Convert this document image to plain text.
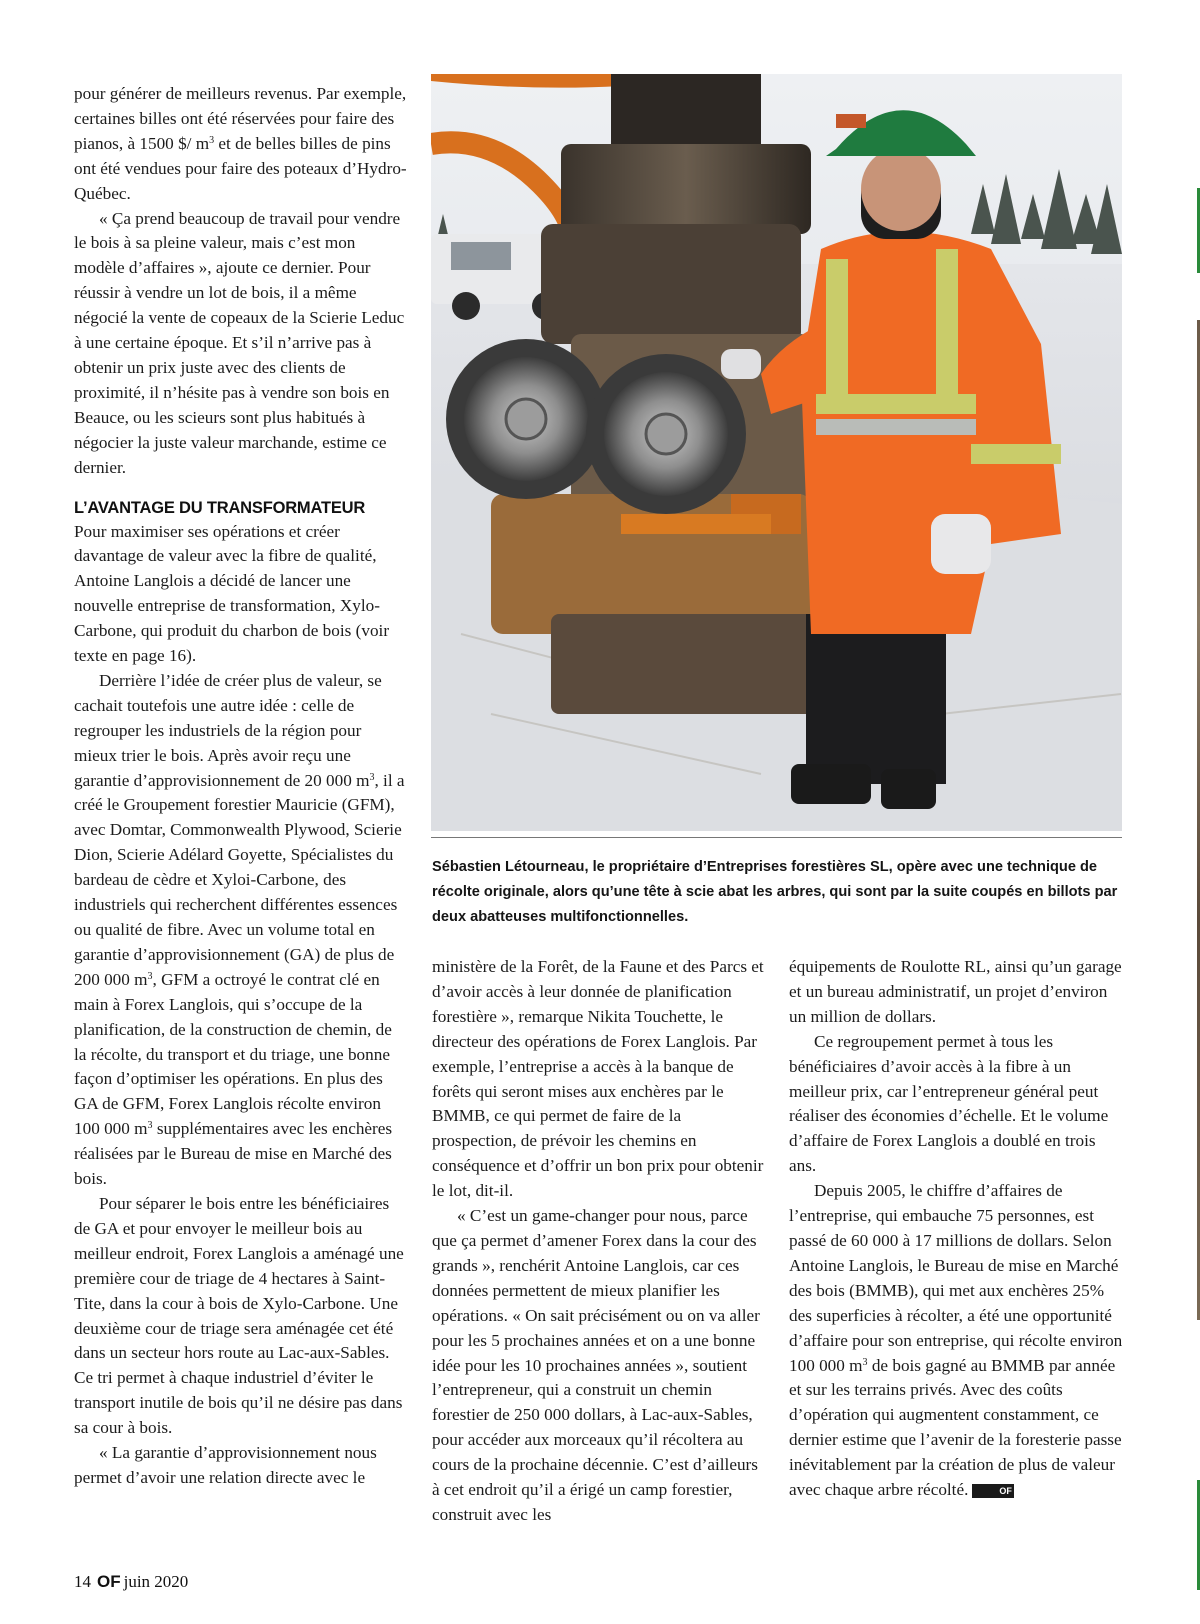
pour générer de meilleurs revenus. Par exemple, certaines billes ont été réservées pour faire des pianos, à 1500 $/ $m^3$ et de belles billes de pins ont été vendues pour faire des poteaux d’Hydro-Québec.

« Ça prend beaucoup de travail pour vendre le bois à sa pleine valeur, mais c’est mon modèle d’affaires », ajoute ce dernier. Pour réussir à vendre un lot de bois, il a même négocié la vente de copeaux de la Scierie Leduc à une certaine époque. Et s’il n’arrive pas à obtenir un prix juste avec des clients de proximité, il n’hésite pas à vendre son bois en Beauce, ou les scieurs sont plus habitués à négocier la juste valeur marchande, estime ce dernier.

L’AVANTAGE DU TRANSFORMATEUR

Pour maximiser ses opérations et créer davantage de valeur avec la fibre de qualité, Antoine Langlois a décidé de lancer une nouvelle entreprise de transformation, Xylo-Carbone, qui produit du charbon de bois (voir texte en page 16).

Derrière l’idée de créer plus de valeur, se cachait toutefois une autre idée : celle de regrouper les industriels de la région pour mieux trier le bois. Après avoir reçu une garantie d’approvisionnement de 20 000 $m^3$, il a créé le Groupement forestier Mauricie (GFM), avec Domtar, Commonwealth Plywood, Scierie Dion, Scierie Adélard Goyette, Spécialistes du bardeau de cèdre et Xyloi-Carbone, des industriels qui recherchent différentes essences ou qualité de fibre. Avec un volume total en garantie d’approvisionnement (GA) de plus de 200 000 $m^3$, GFM a octroyé le contrat clé en main à Forex Langlois, qui s’occupe de la planification, de la construction de chemin, de la récolte, du transport et du triage, une bonne façon d’optimiser les opérations. En plus des GA de GFM, Forex Langlois récolte environ 100 000 $m^3$ supplémentaires avec les enchères réalisées par le Bureau de mise en Marché des bois.

Pour séparer le bois entre les bénéficiaires de GA et pour envoyer le meilleur bois au meilleur endroit, Forex Langlois a aménagé une première cour de triage de 4 hectares à Saint-Tite, dans la cour à bois de Xylo-Carbone. Une deuxième cour de triage sera aménagée cet été dans un secteur hors route au Lac-aux-Sables. Ce tri permet à chaque industriel d’éviter le transport inutile de bois qu’il ne désire pas dans sa cour à bois.

« La garantie d’approvisionnement nous permet d’avoir une relation directe avec le

Sébastien Létourneau, le propriétaire d’Entreprises forestières SL, opère avec une technique de récolte originale, alors qu’une tête à scie abat les arbres, qui sont par la suite coupés en billots par deux abatteuses multifonctionnelles.

ministère de la Forêt, de la Faune et des Parcs et d’avoir accès à leur donnée de planification forestière », remarque Nikita Touchette, le directeur des opérations de Forex Langlois. Par exemple, l’entreprise a accès à la banque de forêts qui seront mises aux enchères par le BMMB, ce qui permet de faire de la prospection, de prévoir les chemins en conséquence et d’offrir un bon prix pour obtenir le lot, dit-il.

« C’est un game-changer pour nous, parce que ça permet d’amener Forex dans la cour des grands », renchérit Antoine Langlois, car ces données permettent de mieux planifier les opérations. « On sait précisément ou on va aller pour les 5 prochaines années et on a une bonne idée pour les 10 prochaines années », soutient l’entrepreneur, qui a construit un chemin forestier de 250 000 dollars, à Lac-aux-Sables, pour accéder aux morceaux qu’il récoltera au cours de la prochaine décennie. C’est d’ailleurs à cet endroit qu’il a érigé un camp forestier, construit avec les

équipements de Roulotte RL, ainsi qu’un garage et un bureau administratif, un projet d’environ un million de dollars.

Ce regroupement permet à tous les bénéficiaires d’avoir accès à la fibre à un meilleur prix, car l’entrepreneur général peut réaliser des économies d’échelle. Et le volume d’affaire de Forex Langlois a doublé en trois ans.

Depuis 2005, le chiffre d’affaires de l’entreprise, qui embauche 75 personnes, est passé de 60 000 à 17 millions de dollars. Selon Antoine Langlois, le Bureau de mise en Marché des bois (BMMB), qui met aux enchères 25% des superficies à récolter, a été une opportunité d’affaire pour son entreprise, qui récolte environ 100 000 $m^3$ de bois gagné au BMMB par année et sur les terrains privés. Avec des coûts d’opération qui augmentent constamment, ce dernier estime que l’avenir de la foresterie passe inévitablement par la création de plus de valeur avec chaque arbre récolté.	OF

14 OF juin 2020
